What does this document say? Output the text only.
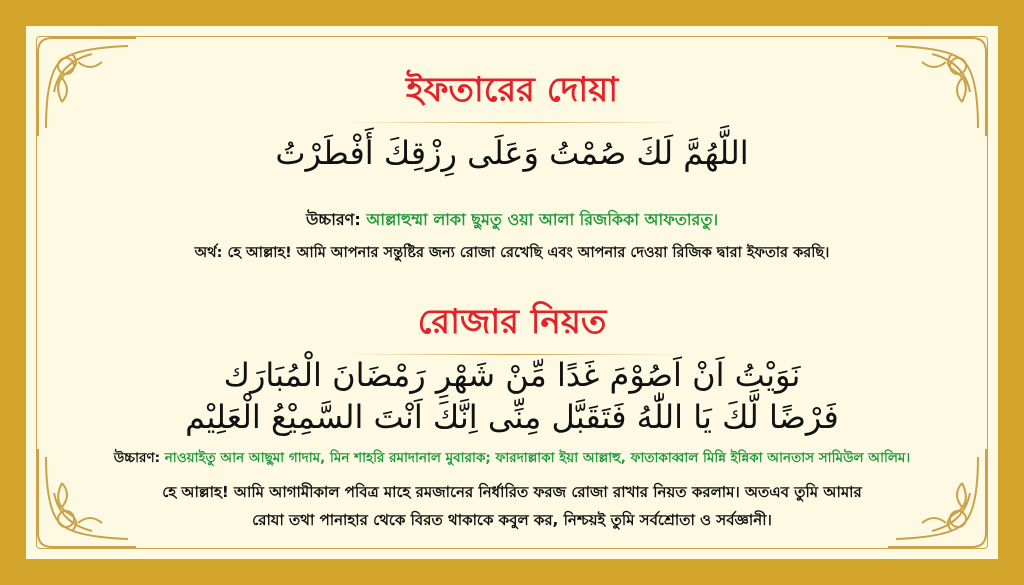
ইফতারের দোয়া
اللَّهُمَّ لَكَ صُمْتُ وَعَلَى رِزْقِكَ أَفْطَرْتُ
উচ্চারণ: আল্লাহুম্মা লাকা ছুমতু ওয়া আলা রিজকিকা আফতারতু।
অর্থ: হে আল্লাহ! আমি আপনার সন্তুষ্টির জন্য রোজা রেখেছি এবং আপনার দেওয়া রিজিক দ্বারা ইফতার করছি।
রোজার নিয়ত
نَوَيْتُ اَنْ اَصُوْمَ غَدًا مِّنْ شَهْرِ رَمْضَانَ الْمُبَارَك
فَرْضًا لَّكَ يَا اللّٰهُ فَتَقَبَّل مِنِّى اِنَّكَ اَنْتَ السَّمِيْعُ الْعَلِيْم
উচ্চারণ: নাওয়াইতু আন আছুমা গাদাম, মিন শাহরি রমাদানাল মুবারাক; ফারদাল্লাকা ইয়া আল্লাহু, ফাতাকাব্বাল মিন্নি ইন্নিকা আনতাস সামিউল আলিম।
হে আল্লাহ! আমি আগামীকাল পবিত্র মাহে রমজানের নির্ধারিত ফরজ রোজা রাখার নিয়ত করলাম। অতএব তুমি আমার
রোযা তথা পানাহার থেকে বিরত থাকাকে কবুল কর, নিশ্চয়ই তুমি সর্বশ্রোতা ও সর্বজ্ঞানী।
